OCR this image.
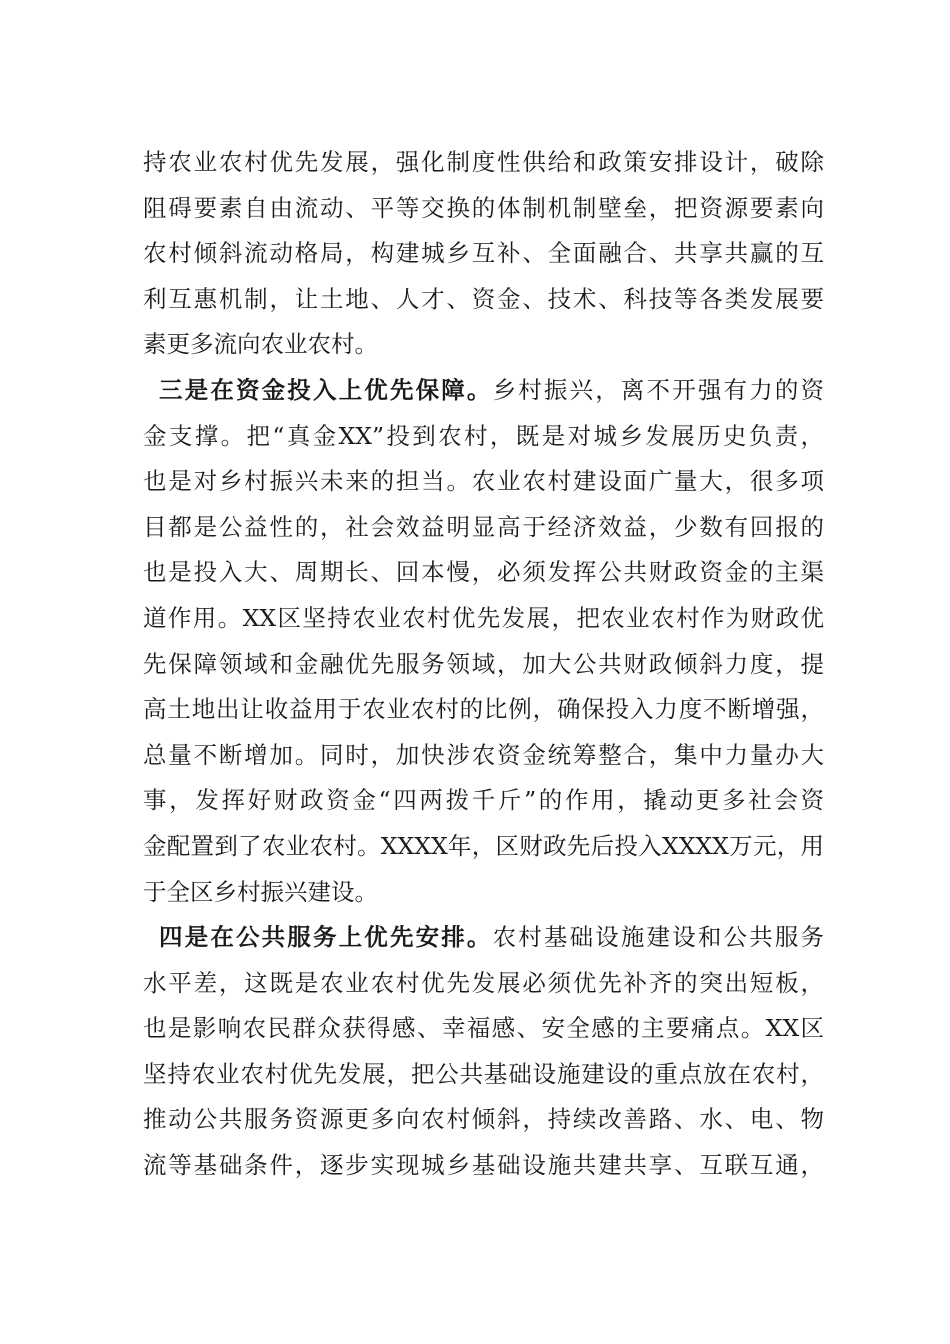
持农业农村优先发展，强化制度性供给和政策安排设计，破除
阻碍要素自由流动、平等交换的体制机制壁垒，把资源要素向
农村倾斜流动格局，构建城乡互补、全面融合、共享共赢的互
利互惠机制，让土地、人才、资金、技术、科技等各类发展要
素更多流向农业农村。
三是在资金投入上优先保障。乡村振兴，离不开强有力的资
金支撑。把“真金XX”投到农村，既是对城乡发展历史负责，
也是对乡村振兴未来的担当。农业农村建设面广量大，很多项
目都是公益性的，社会效益明显高于经济效益，少数有回报的
也是投入大、周期长、回本慢，必须发挥公共财政资金的主渠
道作用。XX区坚持农业农村优先发展，把农业农村作为财政优
先保障领域和金融优先服务领域，加大公共财政倾斜力度，提
高土地出让收益用于农业农村的比例，确保投入力度不断增强，
总量不断增加。同时，加快涉农资金统筹整合，集中力量办大
事，发挥好财政资金“四两拨千斤”的作用，撬动更多社会资
金配置到了农业农村。XXXX年，区财政先后投入XXXX万元，用
于全区乡村振兴建设。
四是在公共服务上优先安排。农村基础设施建设和公共服务
水平差，这既是农业农村优先发展必须优先补齐的突出短板，
也是影响农民群众获得感、幸福感、安全感的主要痛点。XX区
坚持农业农村优先发展，把公共基础设施建设的重点放在农村，
推动公共服务资源更多向农村倾斜，持续改善路、水、电、物
流等基础条件，逐步实现城乡基础设施共建共享、互联互通，
